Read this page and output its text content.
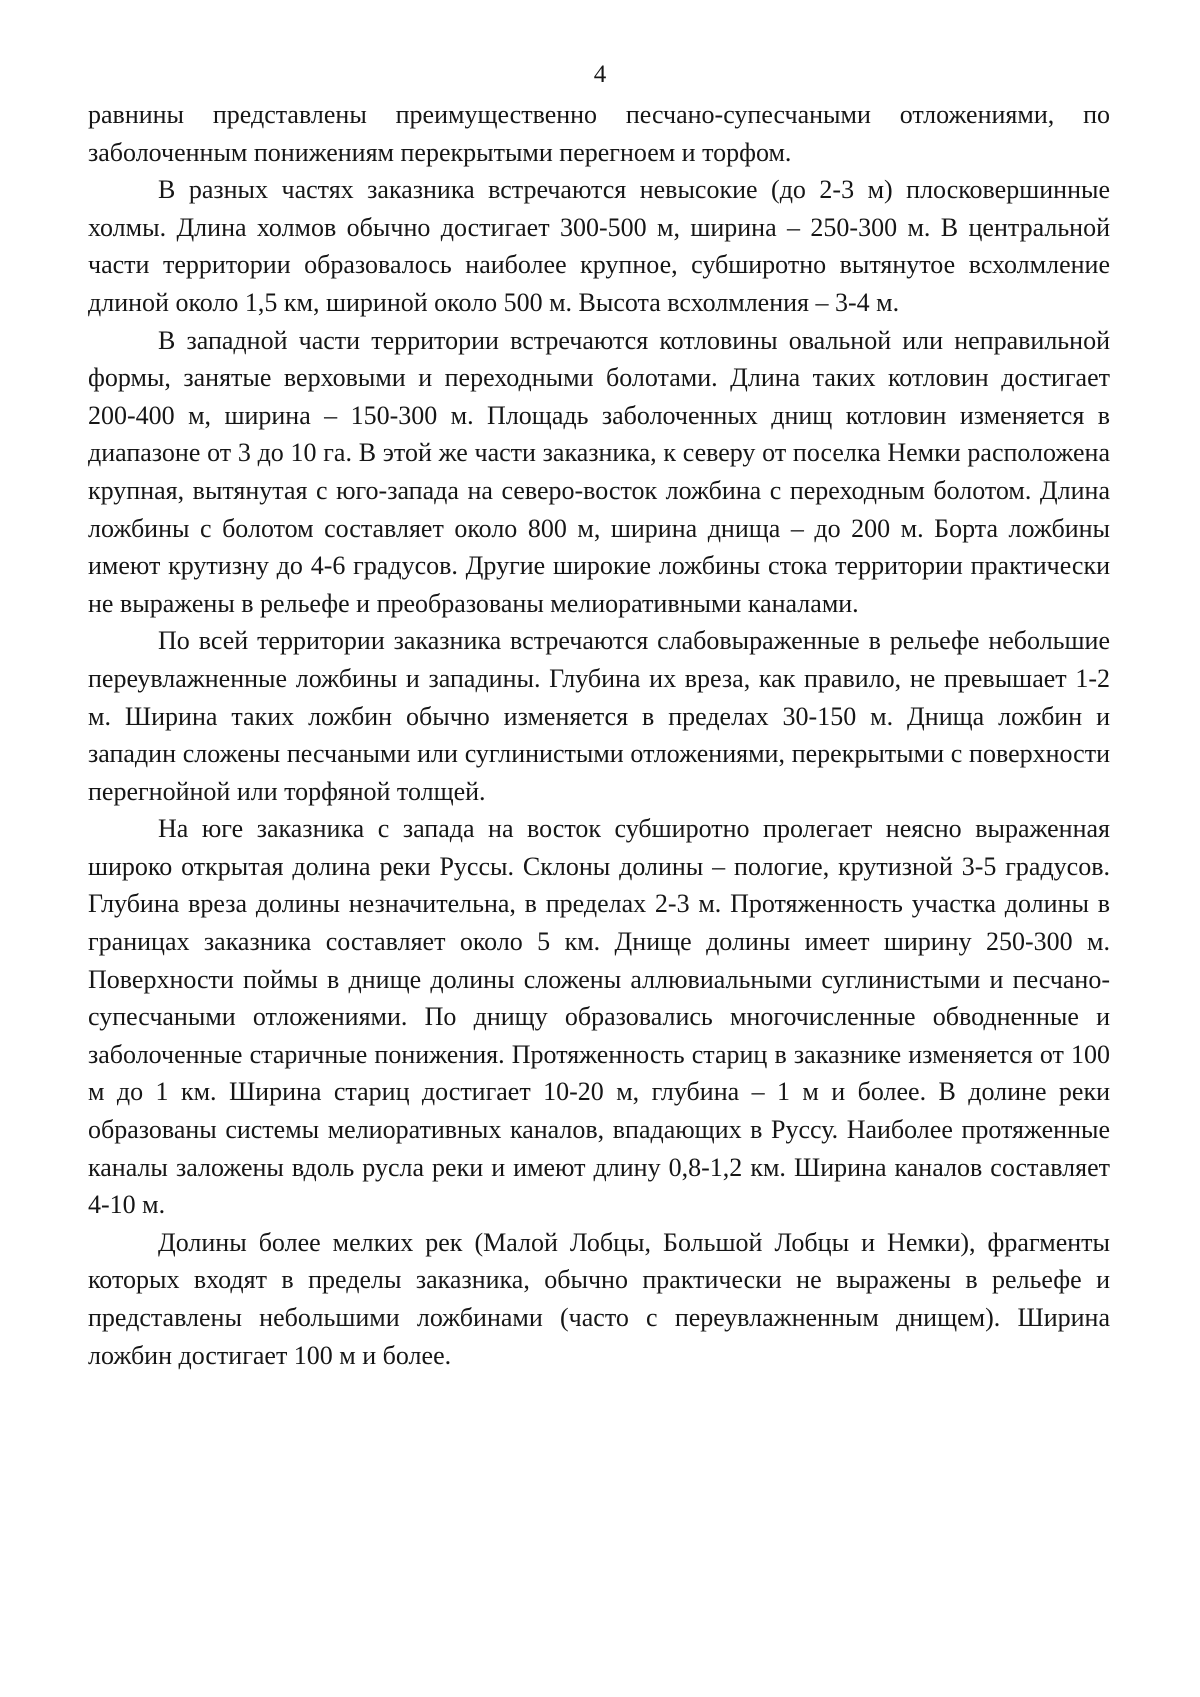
4

равнины представлены преимущественно песчано-супесчаными отложениями, по заболоченным понижениям перекрытыми перегноем и торфом.

В разных частях заказника встречаются невысокие (до 2-3 м) плосковершинные холмы. Длина холмов обычно достигает 300-500 м, ширина – 250-300 м. В центральной части территории образовалось наиболее крупное, субширотно вытянутое всхолмление длиной около 1,5 км, шириной около 500 м. Высота всхолмления – 3-4 м.

В западной части территории встречаются котловины овальной или неправильной формы, занятые верховыми и переходными болотами. Длина таких котловин достигает 200-400 м, ширина – 150-300 м. Площадь заболоченных днищ котловин изменяется в диапазоне от 3 до 10 га. В этой же части заказника, к северу от поселка Немки расположена крупная, вытянутая с юго-запада на северо-восток ложбина с переходным болотом. Длина ложбины с болотом составляет около 800 м, ширина днища – до 200 м. Борта ложбины имеют крутизну до 4-6 градусов. Другие широкие ложбины стока территории практически не выражены в рельефе и преобразованы мелиоративными каналами.

По всей территории заказника встречаются слабовыраженные в рельефе небольшие переувлажненные ложбины и западины. Глубина их вреза, как правило, не превышает 1-2 м. Ширина таких ложбин обычно изменяется в пределах 30-150 м. Днища ложбин и западин сложены песчаными или суглинистыми отложениями, перекрытыми с поверхности перегнойной или торфяной толщей.

На юге заказника с запада на восток субширотно пролегает неясно выраженная широко открытая долина реки Руссы. Склоны долины – пологие, крутизной 3-5 градусов. Глубина вреза долины незначительна, в пределах 2-3 м. Протяженность участка долины в границах заказника составляет около 5 км. Днище долины имеет ширину 250-300 м. Поверхности поймы в днище долины сложены аллювиальными суглинистыми и песчано-супесчаными отложениями. По днищу образовались многочисленные обводненные и заболоченные старичные понижения. Протяженность стариц в заказнике изменяется от 100 м до 1 км. Ширина стариц достигает 10-20 м, глубина – 1 м и более. В долине реки образованы системы мелиоративных каналов, впадающих в Руссу. Наиболее протяженные каналы заложены вдоль русла реки и имеют длину 0,8-1,2 км. Ширина каналов составляет 4-10 м.

Долины более мелких рек (Малой Лобцы, Большой Лобцы и Немки), фрагменты которых входят в пределы заказника, обычно практически не выражены в рельефе и представлены небольшими ложбинами (часто с переувлажненным днищем). Ширина ложбин достигает 100 м и более.
